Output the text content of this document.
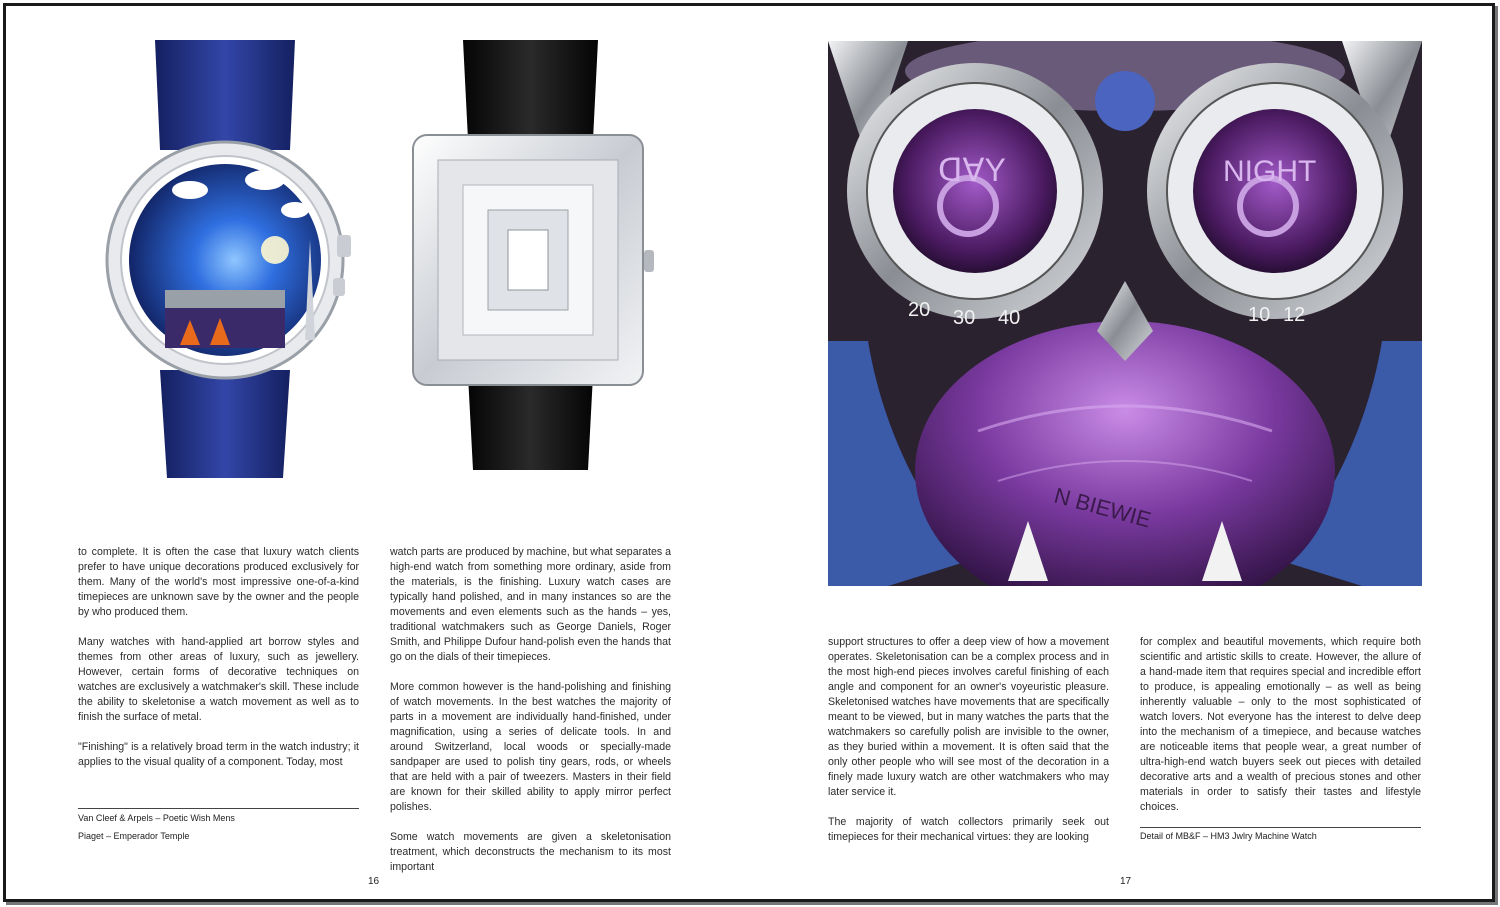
to complete. It is often the case that luxury watch clients prefer to have unique decorations produced exclusively for them. Many of the world's most impressive one-of-a-kind timepieces are unknown save by the owner and the people by who produced them.

Many watches with hand-applied art borrow styles and themes from other areas of luxury, such as jewellery. However, certain forms of decorative techniques on watches are exclusively a watchmaker's skill. These include the ability to skeletonise a watch movement as well as to finish the surface of metal.

"Finishing" is a relatively broad term in the watch industry; it applies to the visual quality of a component. Today, most

watch parts are produced by machine, but what separates a high-end watch from something more ordinary, aside from the materials, is the finishing. Luxury watch cases are typically hand polished, and in many instances so are the movements and even elements such as the hands – yes, traditional watchmakers such as George Daniels, Roger Smith, and Philippe Dufour hand-polish even the hands that go on the dials of their timepieces.

More common however is the hand-polishing and finishing of watch movements. In the best watches the majority of parts in a movement are individually hand-finished, under magnification, using a series of delicate tools. In and around Switzerland, local woods or specially-made sandpaper are used to polish tiny gears, rods, or wheels that are held with a pair of tweezers. Masters in their field are known for their skilled ability to apply mirror perfect polishes.

Some watch movements are given a skeletonisation treatment, which deconstructs the mechanism to its most important

Van Cleef & Arpels – Poetic Wish Mens
Piaget – Emperador Temple
16
ᗡ∀Y	NIGHT
20 30 40	10 12
N BIEWIE

support structures to offer a deep view of how a movement operates. Skeletonisation can be a complex process and in the most high-end pieces involves careful finishing of each angle and component for an owner's voyeuristic pleasure. Skeletonised watches have movements that are specifically meant to be viewed, but in many watches the parts that the watchmakers so carefully polish are invisible to the owner, as they buried within a movement. It is often said that the only other people who will see most of the decoration in a finely made luxury watch are other watchmakers who may later service it.

The majority of watch collectors primarily seek out timepieces for their mechanical virtues: they are looking

for complex and beautiful movements, which require both scientific and artistic skills to create. However, the allure of a hand-made item that requires special and incredible effort to produce, is appealing emotionally – as well as being inherently valuable – only to the most sophisticated of watch lovers. Not everyone has the interest to delve deep into the mechanism of a timepiece, and because watches are noticeable items that people wear, a great number of ultra-high-end watch buyers seek out pieces with detailed decorative arts and a wealth of precious stones and other materials in order to satisfy their tastes and lifestyle choices.

Detail of MB&F – HM3 Jwlry Machine Watch
17
